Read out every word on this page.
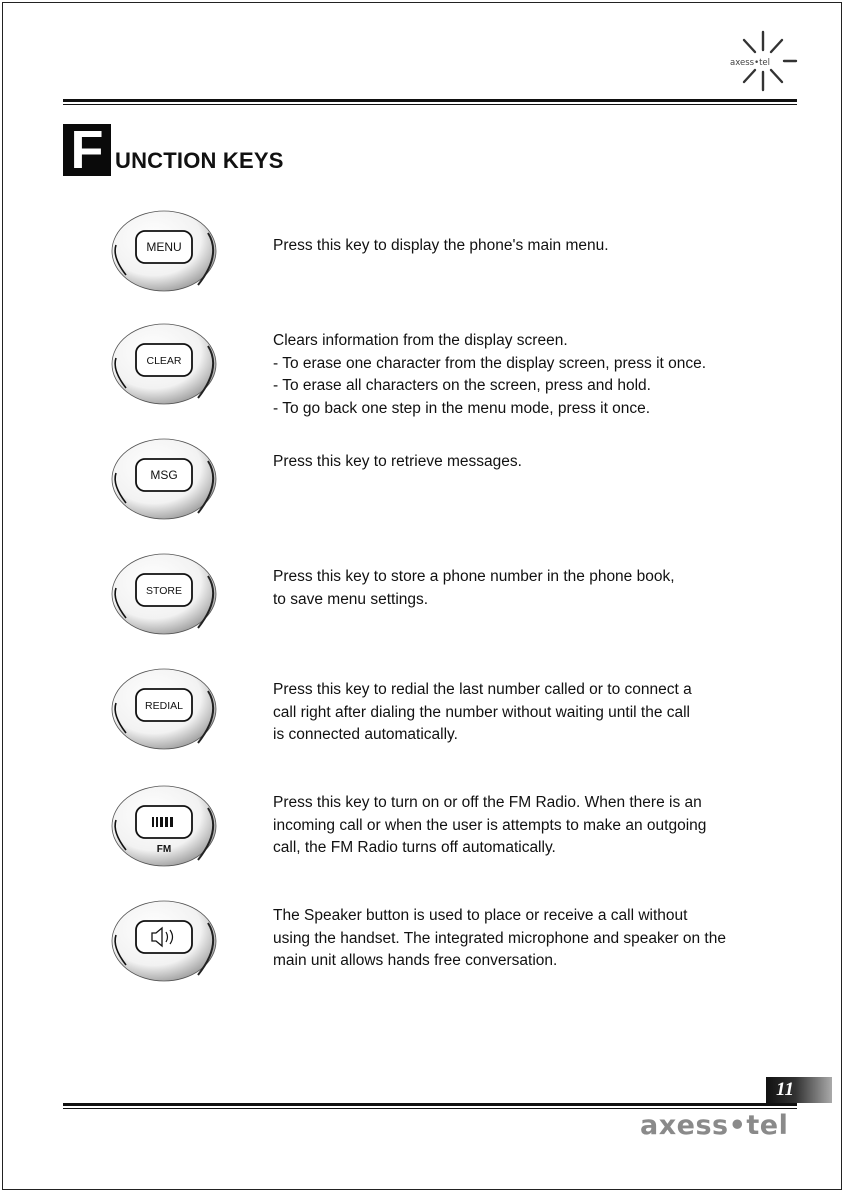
axess•tel
F UNCTION KEYS
MENU	Press this key to display the phone's main menu.
CLEAR
Clears information from the display screen.
- To erase one character from the display screen, press it once.
- To erase all characters on the screen, press and hold.
- To go back one step in the menu mode, press it once.
MSG
Press this key to retrieve messages.
STORE
Press this key to store a phone number in the phone book,
to save menu settings.
REDIAL
Press this key to redial the last number called or to connect a
call right after dialing the number without waiting until the call
is connected automatically.
FM
Press this key to turn on or off the FM Radio. When there is an
incoming call or when the user is attempts to make an outgoing
call, the FM Radio turns off automatically.
The Speaker button is used to place or receive a call without
using the handset. The integrated microphone and speaker on the
main unit allows hands free conversation.
11
axess•tel
